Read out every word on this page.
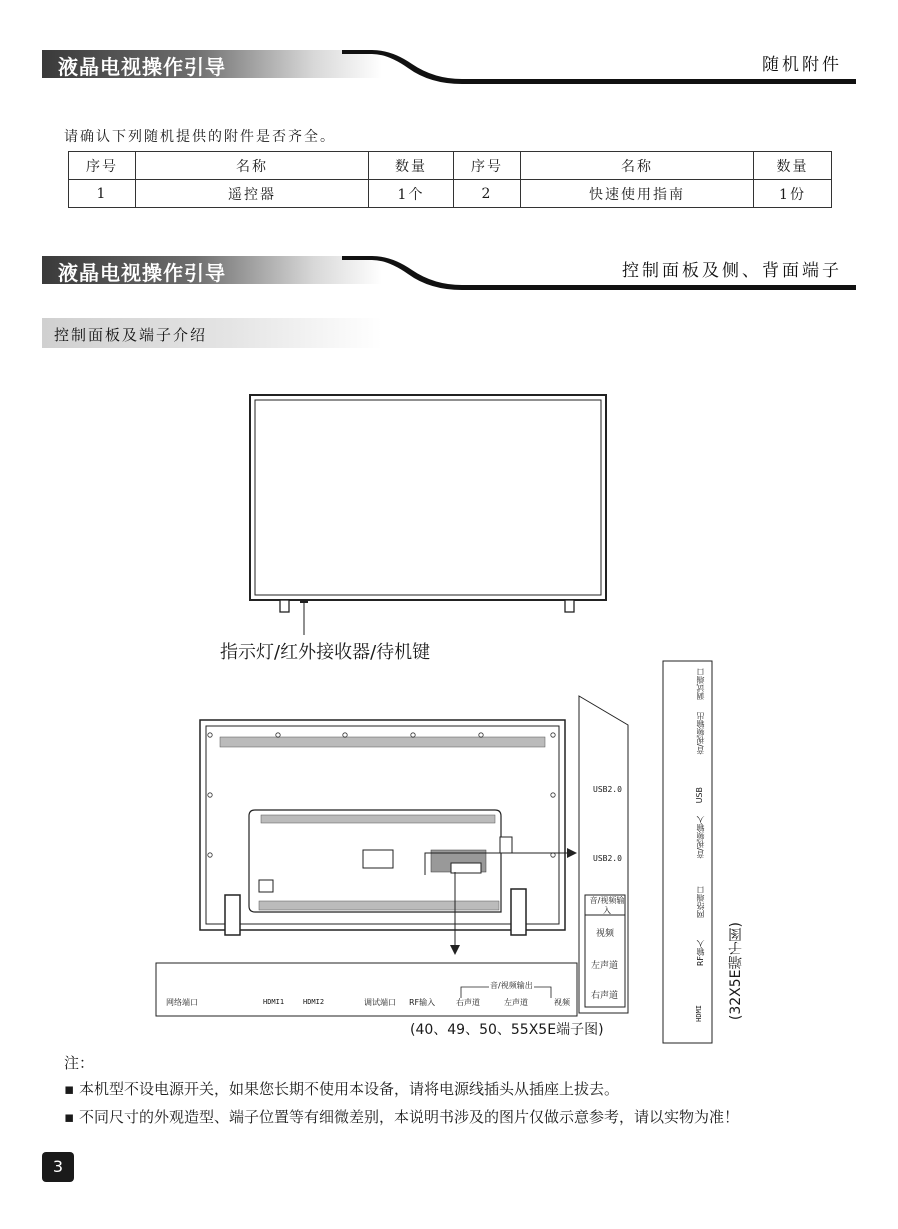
液晶电视操作引导	随机附件
请确认下列随机提供的附件是否齐全。
序号	名称	数量	序号	名称	数量
1	遥控器	1个	2	快速使用指南	1份
液晶电视操作引导	控制面板及侧、背面端子
控制面板及端子介绍
指示灯/红外接收器/待机键
USB2.0
USB2.0
音/视频输入
视频
左声道
右声道
网络端口	HDMI1	HDMI2	调试端口 RF输入
音/视频输出
右声道	左声道	视频
(40、49、50、55X5E端子图)
调试端口
音/视频输出
USB
音/视频输入
网络端口
RF输入
HDMI (32X5E端子图)
注：
▪ 本机型不设电源开关，如果您长期不使用本设备，请将电源线插头从插座上拔去。
▪ 不同尺寸的外观造型、端子位置等有细微差别，本说明书涉及的图片仅做示意参考，请以实物为准！
3
